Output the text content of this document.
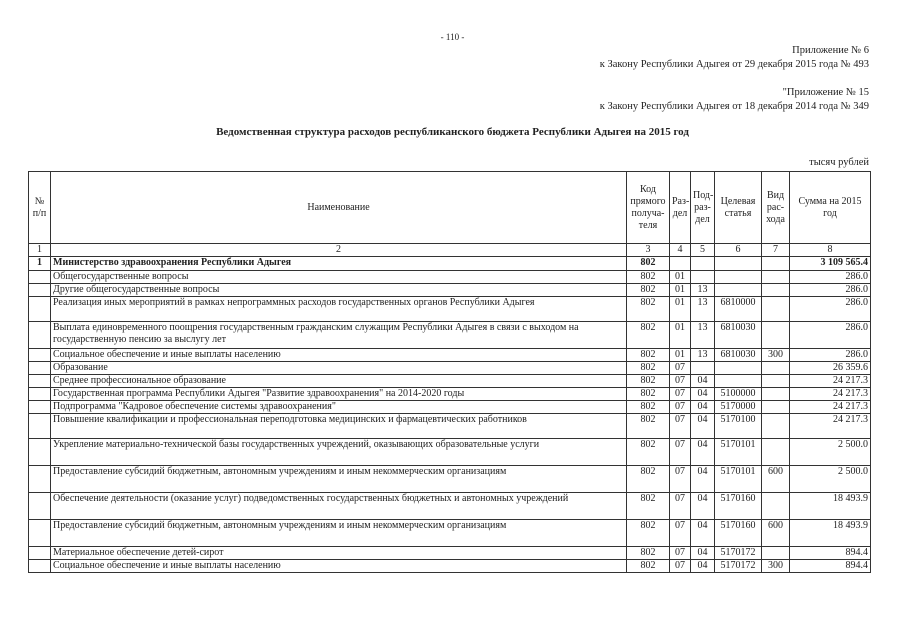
- 110 -
Приложение № 6
к Закону Республики Адыгея от 29 декабря 2015 года № 493
"Приложение № 15
к Закону Республики Адыгея от 18 декабря 2014 года № 349
Ведомственная структура расходов республиканского бюджета Республики Адыгея на 2015 год
тысяч рублей
№ п/п	Наименование	Код прямого получа-теля	Раз-дел	Под-раз-дел	Целевая статья	Вид рас-хода	Сумма на 2015 год
1	2	3	4	5	6	7	8
1	Министерство здравоохранения Республики Адыгея	802					3 109 565.4
	Общегосударственные вопросы	802	01				286.0
	Другие общегосударственные вопросы	802	01	13			286.0
	Реализация иных мероприятий в рамках непрограммных расходов государственных органов Республики Адыгея	802	01	13	6810000		286.0
	Выплата единовременного поощрения государственным гражданским служащим Республики Адыгея в связи с выходом на государственную пенсию за выслугу лет	802	01	13	6810030		286.0
	Социальное обеспечение и иные выплаты населению	802	01	13	6810030	300	286.0
	Образование	802	07				26 359.6
	Среднее профессиональное образование	802	07	04			24 217.3
	Государственная программа Республики Адыгея "Развитие здравоохранения" на 2014-2020 годы	802	07	04	5100000		24 217.3
	Подпрограмма "Кадровое обеспечение системы здравоохранения"	802	07	04	5170000		24 217.3
	Повышение квалификации и профессиональная переподготовка медицинских и фармацевтических работников	802	07	04	5170100		24 217.3
	Укрепление материально-технической базы государственных учреждений, оказывающих образовательные услуги	802	07	04	5170101		2 500.0
	Предоставление субсидий бюджетным, автономным учреждениям и иным некоммерческим организациям	802	07	04	5170101	600	2 500.0
	Обеспечение деятельности (оказание услуг) подведомственных государственных бюджетных и автономных учреждений	802	07	04	5170160		18 493.9
	Предоставление субсидий бюджетным, автономным учреждениям и иным некоммерческим организациям	802	07	04	5170160	600	18 493.9
	Материальное обеспечение детей-сирот	802	07	04	5170172		894.4
	Социальное обеспечение и иные выплаты населению	802	07	04	5170172	300	894.4
